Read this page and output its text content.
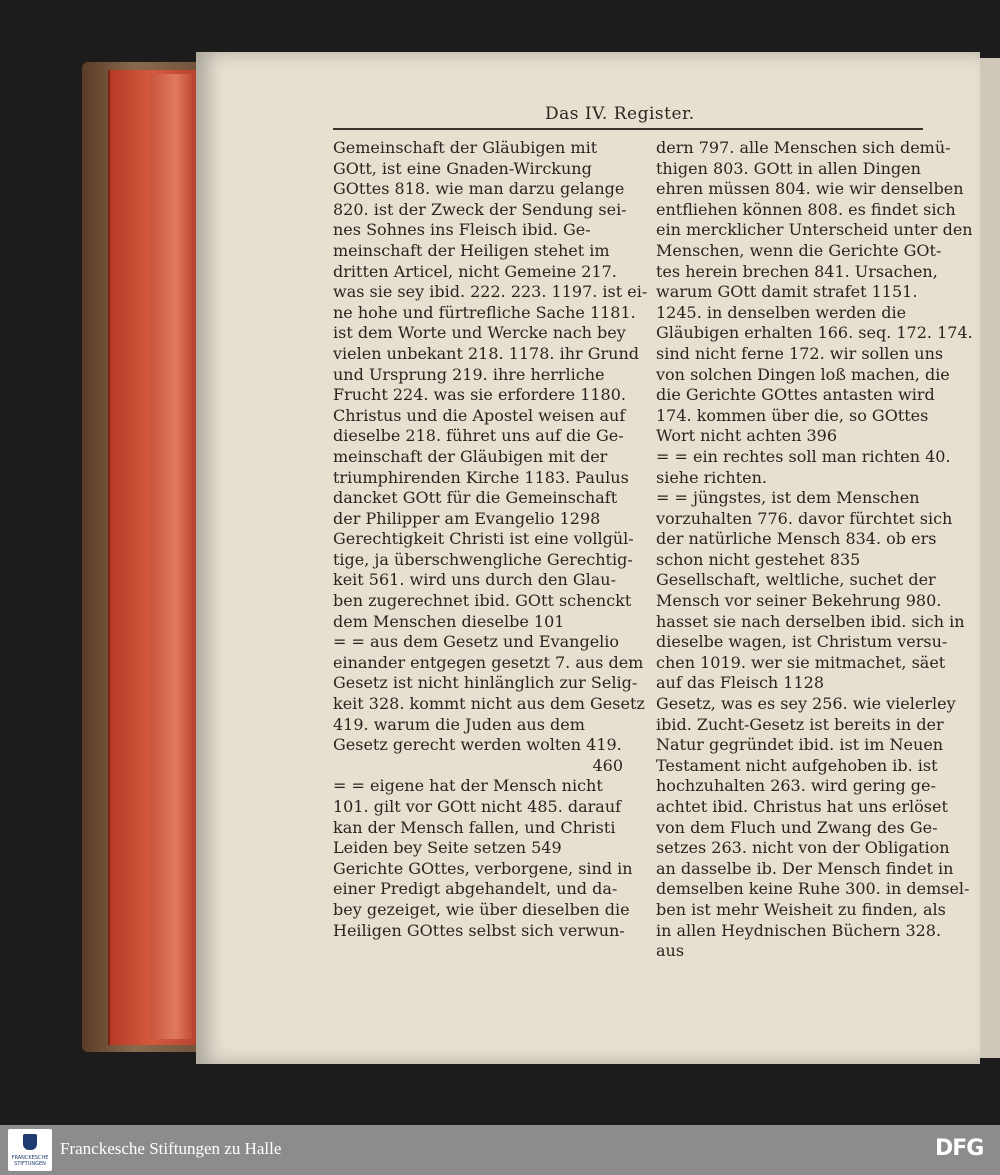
Das IV. Register.
Gemeinschaft der Gläubigen mit
GOtt, ist eine Gnaden-Wirckung
GOttes 818. wie man darzu gelange
820. ist der Zweck der Sendung sei-
nes Sohnes ins Fleisch ibid. Ge-
meinschaft der Heiligen stehet im
dritten Articel, nicht Gemeine 217.
was sie sey ibid. 222. 223. 1197. ist ei-
ne hohe und fürtrefliche Sache 1181.
ist dem Worte und Wercke nach bey
vielen unbekant 218. 1178. ihr Grund
und Ursprung 219. ihre herrliche
Frucht 224. was sie erfordere 1180.
Christus und die Apostel weisen auf
dieselbe 218. führet uns auf die Ge-
meinschaft der Gläubigen mit der
triumphirenden Kirche 1183. Paulus
dancket GOtt für die Gemeinschaft
der Philipper am Evangelio 1298
Gerechtigkeit Christi ist eine vollgül-
tige, ja überschwengliche Gerechtig-
keit 561. wird uns durch den Glau-
ben zugerechnet ibid. GOtt schenckt
dem Menschen dieselbe 101
= = aus dem Gesetz und Evangelio
einander entgegen gesetzt 7. aus dem
Gesetz ist nicht hinlänglich zur Selig-
keit 328. kommt nicht aus dem Gesetz
419. warum die Juden aus dem
Gesetz gerecht werden wolten 419.
460
= = eigene hat der Mensch nicht
101. gilt vor GOtt nicht 485. darauf
kan der Mensch fallen, und Christi
Leiden bey Seite setzen 549
Gerichte GOttes, verborgene, sind in
einer Predigt abgehandelt, und da-
bey gezeiget, wie über dieselben die
Heiligen GOttes selbst sich verwun-
dern 797. alle Menschen sich demü-
thigen 803. GOtt in allen Dingen
ehren müssen 804. wie wir denselben
entfliehen können 808. es findet sich
ein mercklicher Unterscheid unter den
Menschen, wenn die Gerichte GOt-
tes herein brechen 841. Ursachen,
warum GOtt damit strafet 1151.
1245. in denselben werden die
Gläubigen erhalten 166. seq. 172. 174.
sind nicht ferne 172. wir sollen uns
von solchen Dingen loß machen, die
die Gerichte GOttes antasten wird
174. kommen über die, so GOttes
Wort nicht achten 396
= = ein rechtes soll man richten 40.
siehe richten.
= = jüngstes, ist dem Menschen
vorzuhalten 776. davor fürchtet sich
der natürliche Mensch 834. ob ers
schon nicht gestehet 835
Gesellschaft, weltliche, suchet der
Mensch vor seiner Bekehrung 980.
hasset sie nach derselben ibid. sich in
dieselbe wagen, ist Christum versu-
chen 1019. wer sie mitmachet, säet
auf das Fleisch 1128
Gesetz, was es sey 256. wie vielerley
ibid. Zucht-Gesetz ist bereits in der
Natur gegründet ibid. ist im Neuen
Testament nicht aufgehoben ib. ist
hochzuhalten 263. wird gering ge-
achtet ibid. Christus hat uns erlöset
von dem Fluch und Zwang des Ge-
setzes 263. nicht von der Obligation
an dasselbe ib. Der Mensch findet in
demselben keine Ruhe 300. in demsel-
ben ist mehr Weisheit zu finden, als
in allen Heydnischen Büchern 328.
aus
FRANCKESCHE STIFTUNGEN
Franckesche Stiftungen zu Halle	DFG
